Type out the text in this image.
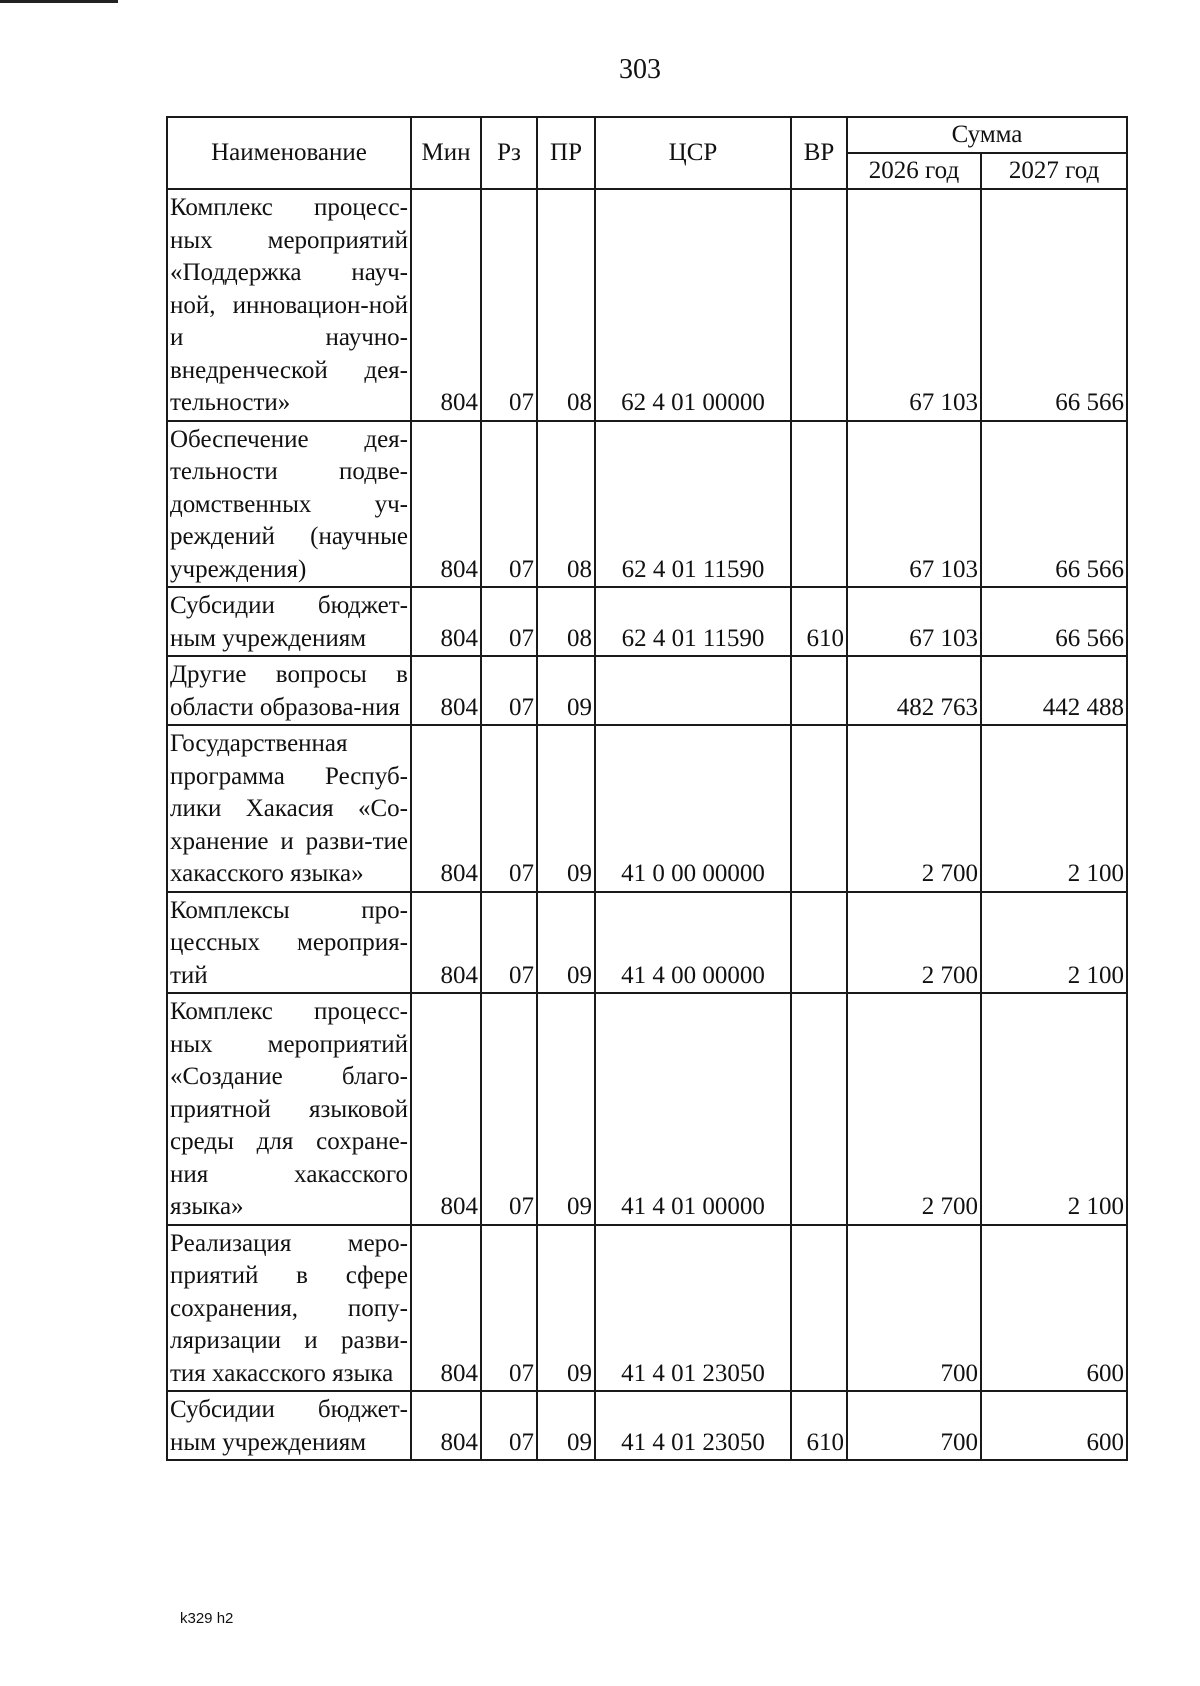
303
Наименование	Мин	Рз	ПР	ЦСР	ВР	Сумма	
						2026 год	2027 год
Комплекс процесс-ных мероприятий «Поддержка науч-ной, инновацион-ной и научно-внедренческой дея-тельности»	804	07	08	62 4 01 00000		67 103	66 566
Обеспечение дея-тельности подве-домственных уч-реждений (научные учреждения)	804	07	08	62 4 01 11590		67 103	66 566
Субсидии бюджет-ным учреждениям	804	07	08	62 4 01 11590	610	67 103	66 566
Другие вопросы в области образова-ния	804	07	09			482 763	442 488
Государственная программа Респуб-лики Хакасия «Со-хранение и разви-тие хакасского языка»	804	07	09	41 0 00 00000		2 700	2 100
Комплексы про-цессных мероприя-тий	804	07	09	41 4 00 00000		2 700	2 100
Комплекс процесс-ных мероприятий «Создание благо-приятной языковой среды для сохране-ния хакасского языка»	804	07	09	41 4 01 00000		2 700	2 100
Реализация меро-приятий в сфере сохранения, попу-ляризации и разви-тия хакасского языка	804	07	09	41 4 01 23050		700	600
Субсидии бюджет-ным учреждениям	804	07	09	41 4 01 23050	610	700	600
k329 h2
